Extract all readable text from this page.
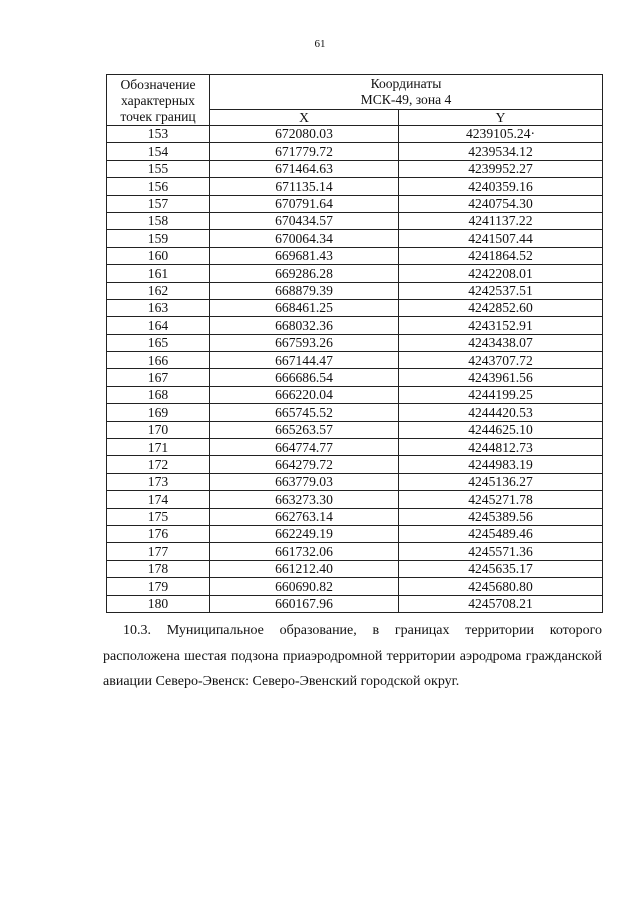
61
Обозначение характерных точек границ	Координаты
МСК-49, зона 4	

	X	Y
153	672080.03	4239105.24·
154	671779.72	4239534.12
155	671464.63	4239952.27
156	671135.14	4240359.16
157	670791.64	4240754.30
158	670434.57	4241137.22
159	670064.34	4241507.44
160	669681.43	4241864.52
161	669286.28	4242208.01
162	668879.39	4242537.51
163	668461.25	4242852.60
164	668032.36	4243152.91
165	667593.26	4243438.07
166	667144.47	4243707.72
167	666686.54	4243961.56
168	666220.04	4244199.25
169	665745.52	4244420.53
170	665263.57	4244625.10
171	664774.77	4244812.73
172	664279.72	4244983.19
173	663779.03	4245136.27
174	663273.30	4245271.78
175	662763.14	4245389.56
176	662249.19	4245489.46
177	661732.06	4245571.36
178	661212.40	4245635.17
179	660690.82	4245680.80
180	660167.96	4245708.21
10.3. Муниципальное образование, в границах территории которого расположена шестая подзона приаэродромной территории аэродрома гражданской авиации Северо-Эвенск: Северо-Эвенский городской округ.
